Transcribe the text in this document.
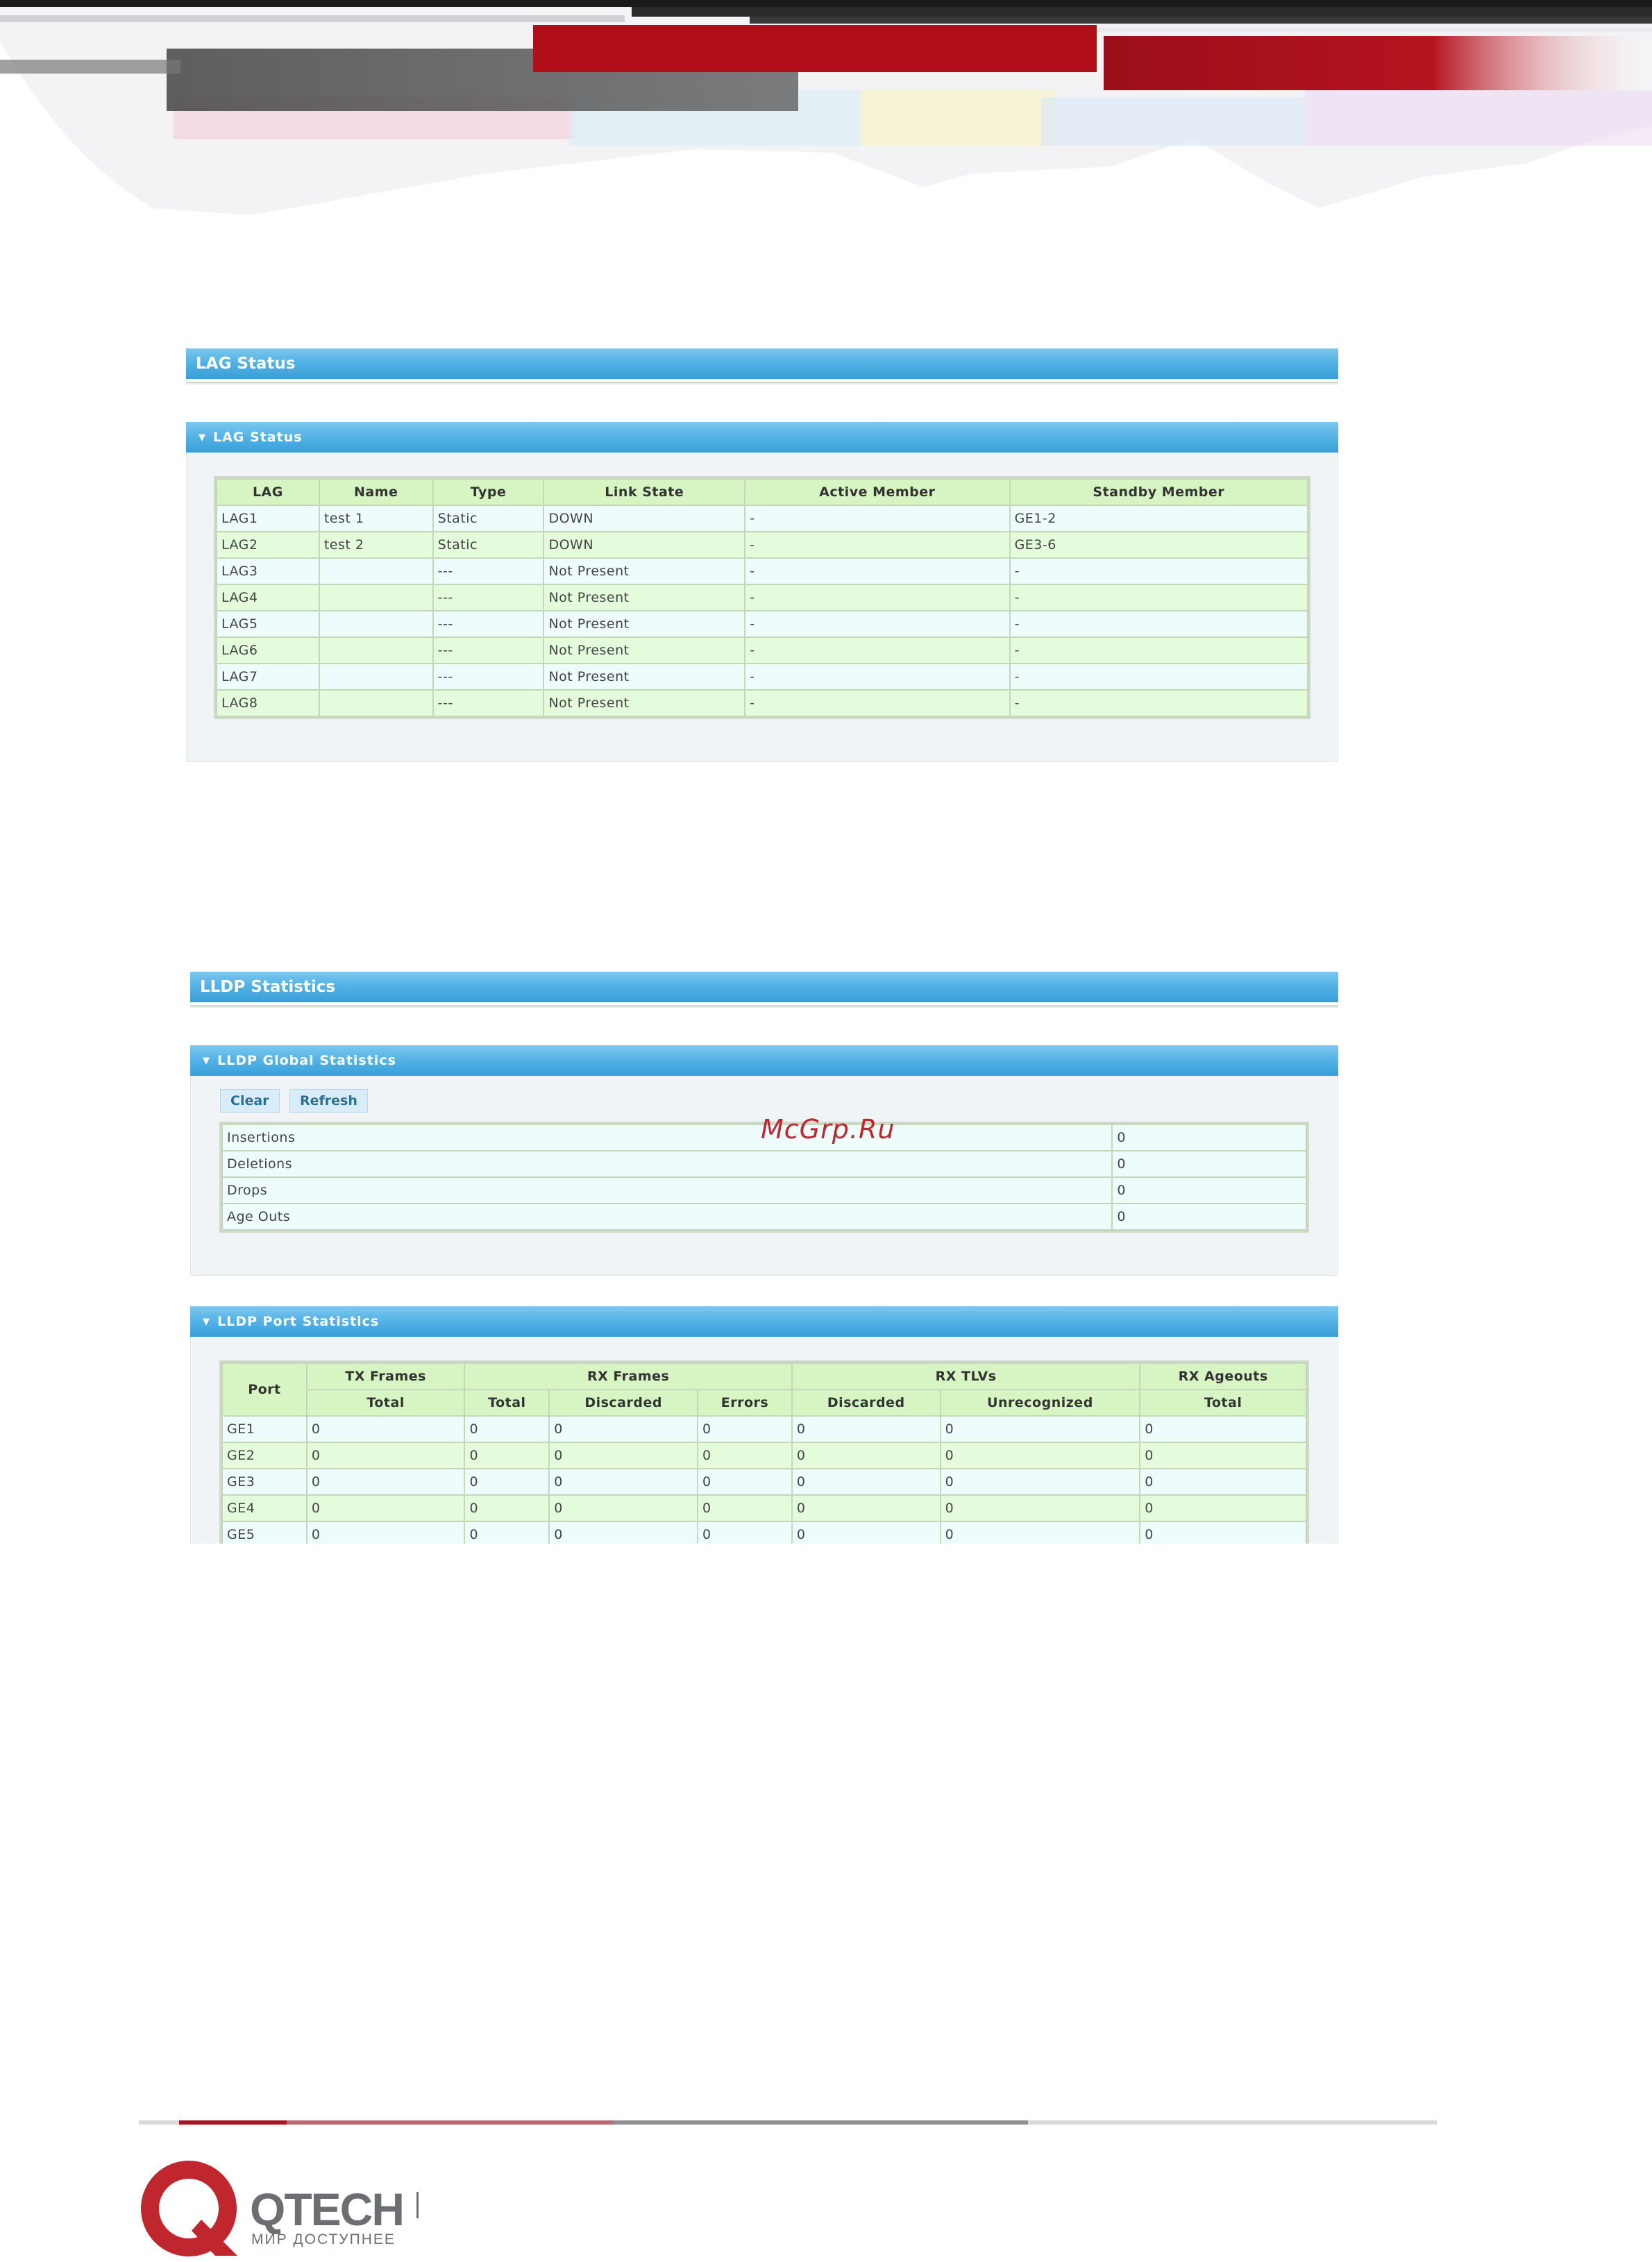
LAG Status
▼ LAG Status
LAG	Name	Type	Link State	Active Member	Standby Member
LAG1	test 1	Static	DOWN	-	GE1-2
LAG2	test 2	Static	DOWN	-	GE3-6
LAG3		---	Not Present	-	-
LAG4		---	Not Present	-	-
LAG5		---	Not Present	-	-
LAG6		---	Not Present	-	-
LAG7		---	Not Present	-	-
LAG8		---	Not Present	-	-
LLDP Statistics
▼ LLDP Global Statistics
Clear	Refresh
Insertions	0
Deletions	0
Drops	0
Age Outs	0
▼ LLDP Port Statistics
Port	TX Frames	RX Frames			RX TLVs		RX Ageouts
	Total	Total	Discarded	Errors	Discarded	Unrecognized	Total
GE1	0	0	0	0	0	0	0
GE2	0	0	0	0	0	0	0
GE3	0	0	0	0	0	0	0
GE4	0	0	0	0	0	0	0
GE5	0	0	0	0	0	0	0
McGrp.Ru
QTECH
МИР ДОСТУПНЕЕ
